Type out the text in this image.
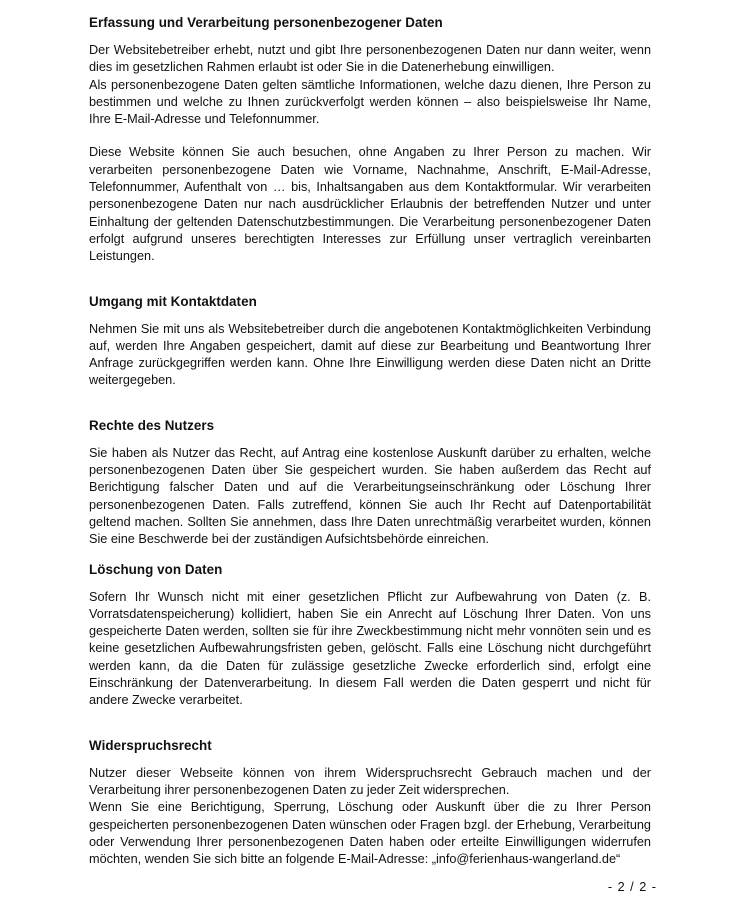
Erfassung und Verarbeitung personenbezogener Daten

Der Websitebetreiber erhebt, nutzt und gibt Ihre personenbezogenen Daten nur dann weiter, wenn dies im gesetzlichen Rahmen erlaubt ist oder Sie in die Datenerhebung einwilligen.

Als personenbezogene Daten gelten sämtliche Informationen, welche dazu dienen, Ihre Person zu bestimmen und welche zu Ihnen zurückverfolgt werden können – also beispielsweise Ihr Name, Ihre E-Mail-Adresse und Telefonnummer.

Diese Website können Sie auch besuchen, ohne Angaben zu Ihrer Person zu machen. Wir verarbeiten personenbezogene Daten wie Vorname, Nachnahme, Anschrift, E-Mail-Adresse, Telefonnummer, Aufenthalt von … bis, Inhaltsangaben aus dem Kontaktformular. Wir verarbeiten personenbezogene Daten nur nach ausdrücklicher Erlaubnis der betreffenden Nutzer und unter Einhaltung der geltenden Datenschutzbestimmungen. Die Verarbeitung personenbezogener Daten erfolgt aufgrund unseres berechtigten Interesses zur Erfüllung unser vertraglich vereinbarten Leistungen.

Umgang mit Kontaktdaten

Nehmen Sie mit uns als Websitebetreiber durch die angebotenen Kontaktmöglichkeiten Verbindung auf, werden Ihre Angaben gespeichert, damit auf diese zur Bearbeitung und Beantwortung Ihrer Anfrage zurückgegriffen werden kann. Ohne Ihre Einwilligung werden diese Daten nicht an Dritte weitergegeben.

Rechte des Nutzers

Sie haben als Nutzer das Recht, auf Antrag eine kostenlose Auskunft darüber zu erhalten, welche personenbezogenen Daten über Sie gespeichert wurden. Sie haben außerdem das Recht auf Berichtigung falscher Daten und auf die Verarbeitungseinschränkung oder Löschung Ihrer personenbezogenen Daten. Falls zutreffend, können Sie auch Ihr Recht auf Datenportabilität geltend machen. Sollten Sie annehmen, dass Ihre Daten unrechtmäßig verarbeitet wurden, können Sie eine Beschwerde bei der zuständigen Aufsichtsbehörde einreichen.

Löschung von Daten

Sofern Ihr Wunsch nicht mit einer gesetzlichen Pflicht zur Aufbewahrung von Daten (z. B. Vorratsdatenspeicherung) kollidiert, haben Sie ein Anrecht auf Löschung Ihrer Daten. Von uns gespeicherte Daten werden, sollten sie für ihre Zweckbestimmung nicht mehr vonnöten sein und es keine gesetzlichen Aufbewahrungsfristen geben, gelöscht. Falls eine Löschung nicht durchgeführt werden kann, da die Daten für zulässige gesetzliche Zwecke erforderlich sind, erfolgt eine Einschränkung der Datenverarbeitung. In diesem Fall werden die Daten gesperrt und nicht für andere Zwecke verarbeitet.

Widerspruchsrecht

Nutzer dieser Webseite können von ihrem Widerspruchsrecht Gebrauch machen und der Verarbeitung ihrer personenbezogenen Daten zu jeder Zeit widersprechen.

Wenn Sie eine Berichtigung, Sperrung, Löschung oder Auskunft über die zu Ihrer Person gespeicherten personenbezogenen Daten wünschen oder Fragen bzgl. der Erhebung, Verarbeitung oder Verwendung Ihrer personenbezogenen Daten haben oder erteilte Einwilligungen widerrufen möchten, wenden Sie sich bitte an folgende E-Mail-Adresse: „info@ferienhaus-wangerland.de“

- 2 / 2 -
